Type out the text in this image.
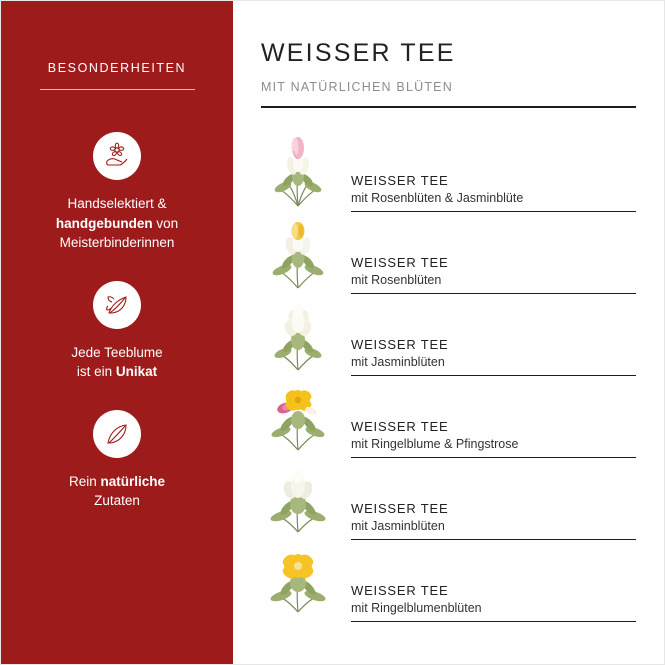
BESONDERHEITEN
Handselektiert &
handgebunden von
Meisterbinderinnen
Jede Teeblume
ist ein Unikat
Rein natürliche
Zutaten
WEISSER TEE
MIT NATÜRLICHEN BLÜTEN
WEISSER TEE
mit Rosenblüten & Jasminblüte
WEISSER TEE
mit Rosenblüten
WEISSER TEE
mit Jasminblüten
WEISSER TEE
mit Ringelblume & Pfingstrose
WEISSER TEE
mit Jasminblüten
WEISSER TEE
mit Ringelblumenblüten
